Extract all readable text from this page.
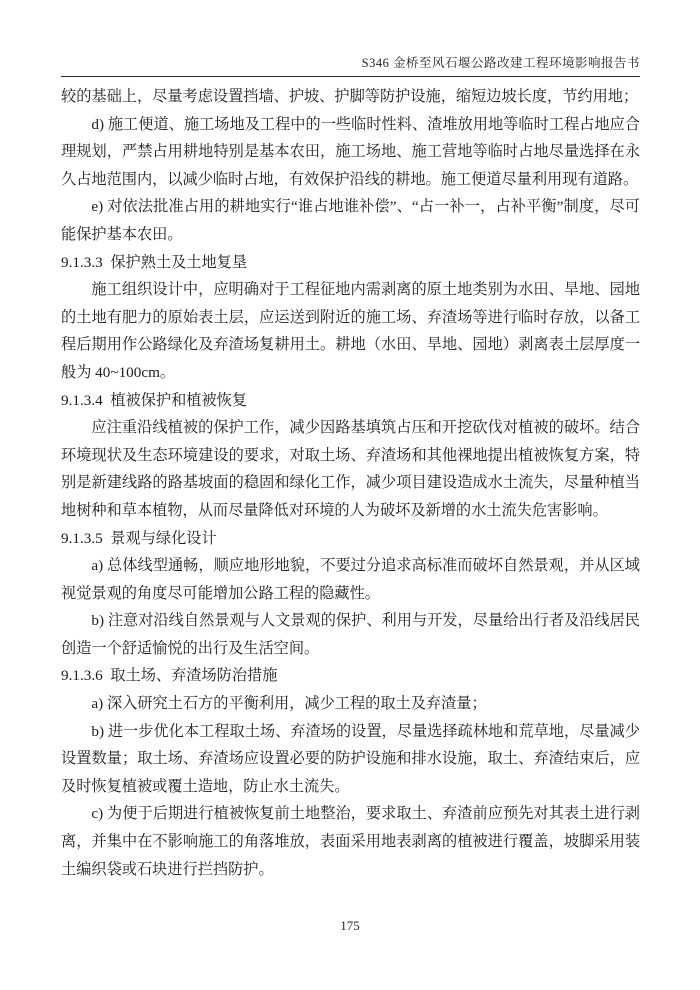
S346 金桥至风石堰公路改建工程环境影响报告书

较的基础上，尽量考虑设置挡墙、护坡、护脚等防护设施，缩短边坡长度，节约用地；

d) 施工便道、施工场地及工程中的一些临时性料、渣堆放用地等临时工程占地应合理规划，严禁占用耕地特别是基本农田，施工场地、施工营地等临时占地尽量选择在永久占地范围内，以减少临时占地，有效保护沿线的耕地。施工便道尽量利用现有道路。

e) 对依法批准占用的耕地实行“谁占地谁补偿”、“占一补一，占补平衡”制度，尽可能保护基本农田。

9.1.3.3  保护熟土及土地复垦

施工组织设计中，应明确对于工程征地内需剥离的原土地类别为水田、旱地、园地的土地有肥力的原始表土层，应运送到附近的施工场、弃渣场等进行临时存放，以备工程后期用作公路绿化及弃渣场复耕用土。耕地（水田、旱地、园地）剥离表土层厚度一般为 40~100cm。

9.1.3.4  植被保护和植被恢复

应注重沿线植被的保护工作，减少因路基填筑占压和开挖砍伐对植被的破坏。结合环境现状及生态环境建设的要求，对取土场、弃渣场和其他裸地提出植被恢复方案，特别是新建线路的路基坡面的稳固和绿化工作，减少项目建设造成水土流失，尽量种植当地树种和草本植物，从而尽量降低对环境的人为破坏及新增的水土流失危害影响。

9.1.3.5  景观与绿化设计

a) 总体线型通畅，顺应地形地貌，不要过分追求高标准而破坏自然景观，并从区域视觉景观的角度尽可能增加公路工程的隐藏性。

b) 注意对沿线自然景观与人文景观的保护、利用与开发，尽量给出行者及沿线居民创造一个舒适愉悦的出行及生活空间。

9.1.3.6  取土场、弃渣场防治措施

a) 深入研究土石方的平衡利用，减少工程的取土及弃渣量；

b) 进一步优化本工程取土场、弃渣场的设置，尽量选择疏林地和荒草地，尽量减少设置数量；取土场、弃渣场应设置必要的防护设施和排水设施，取土、弃渣结束后，应及时恢复植被或覆土造地，防止水土流失。

c) 为便于后期进行植被恢复前土地整治，要求取土、弃渣前应预先对其表土进行剥离，并集中在不影响施工的角落堆放，表面采用地表剥离的植被进行覆盖，坡脚采用装土编织袋或石块进行拦挡防护。

175
